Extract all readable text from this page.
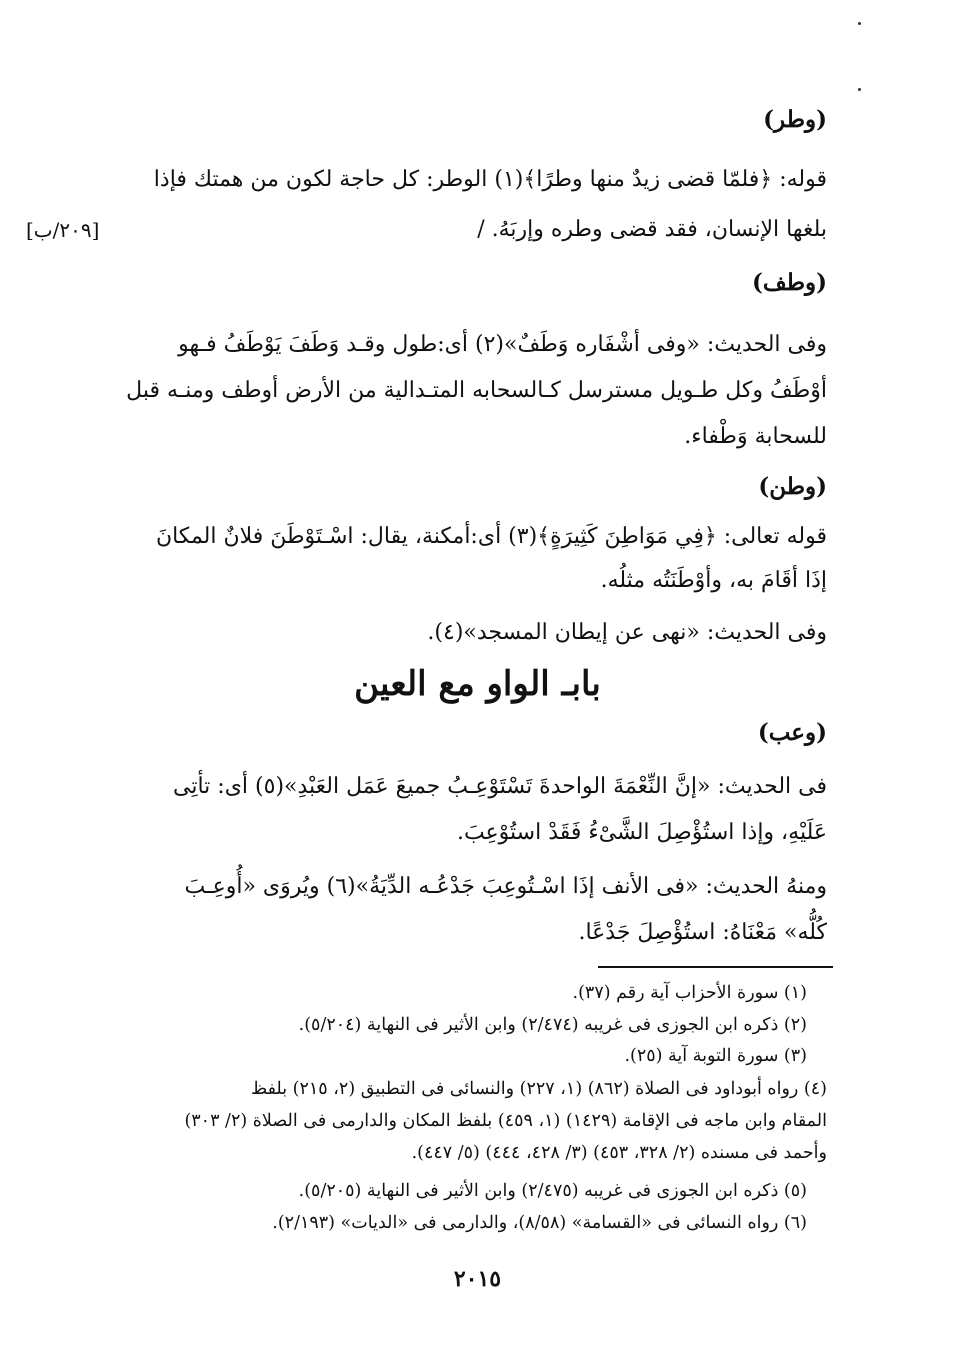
(وطر)
قوله: ﴿فلمّا قضى زيدٌ منها وطرًا﴾(١) الوطر: كل حاجة لكون من همتك فإذا
بلغها الإنسان، فقد قضى وطره وإربَهُ. /
[٢٠٩/ب]
(وطف)
وفى الحديث: «وفى أشْفَاره وَطَفٌ»(٢) أى:طول وقـد وَطَفَ يَوْطَفُ فـهو
أوْطَفُ وكل طـويل مسترسل كـالسحابه المتـدالية من الأرض أوطف ومنـه قبل
للسحابة وَطْفاء.
(وطن)
قوله تعالى: ﴿فِي مَوَاطِنَ كَثِيرَةٍ﴾(٣) أى:أمكنة، يقال: اسْـتَوْطَنَ فلانٌ المكانَ
إذَا أقَامَ به، وأوْطَنَتُه مثلُه.
وفى الحديث: «نهى عن إيطان المسجد»(٤).
بابـ الواو مع العين
(وعب)
فى الحديث: «إنَّ النِّعْمَةَ الواحدةَ تَسْتَوْعِـبُ جميعَ عَمَل العَبْدِ»(٥) أى: تأتِى
عَلَيْهِ، وإذا استُؤْصِلَ الشَّىْءُ فَقَدْ استُوْعِبَ.
ومنهُ الحديث: «فى الأنف إذَا اسْـتُوعِبَ جَدْعُـه الدِّيَةُ»(٦) ويُروَى «أُوعِـبَ
كُلُّه» مَعْنَاهُ: استُؤْصِلَ جَدْعًا.
(١) سورة الأحزاب آية رقم (٣٧).
(٢) ذكره ابن الجوزى فى غريبه (٢/٤٧٤) وابن الأثير فى النهاية (٥/٢٠٤).
(٣) سورة التوبة آية (٢٥).
(٤) رواه أبوداود فى الصلاة (٨٦٢) (١، ٢٢٧) والنسائى فى التطبيق (٢، ٢١٥) بلفظ
المقام وابن ماجه فى الإقامة (١٤٢٩) (١، ٤٥٩) بلفظ المكان والدارمى فى الصلاة (٢/ ٣٠٣)
وأحمد فى مسنده (٢/ ٣٢٨، ٤٥٣) (٣/ ٤٢٨، ٤٤٤) (٥/ ٤٤٧).
(٥) ذكره ابن الجوزى فى غريبه (٢/٤٧٥) وابن الأثير فى النهاية (٥/٢٠٥).
(٦) رواه النسائى فى «القسامة» (٨/٥٨)، والدارمى فى «الديات» (٢/١٩٣).
٢٠١٥
